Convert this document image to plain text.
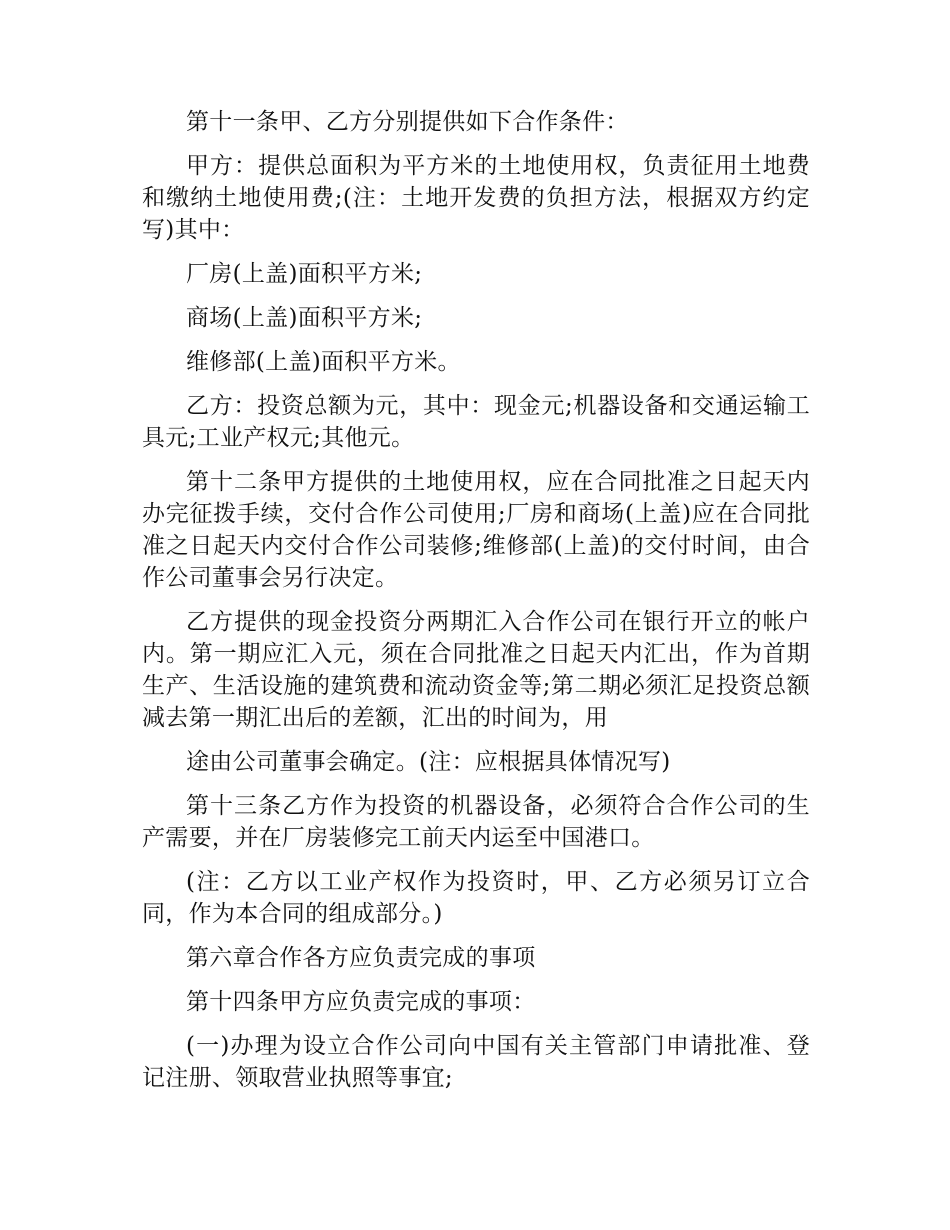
第十一条甲、乙方分别提供如下合作条件：

甲方：提供总面积为平方米的土地使用权，负责征用土地费和缴纳土地使用费;(注：土地开发费的负担方法，根据双方约定写)其中：

厂房(上盖)面积平方米;

商场(上盖)面积平方米;

维修部(上盖)面积平方米。

乙方：投资总额为元，其中：现金元;机器设备和交通运输工具元;工业产权元;其他元。

第十二条甲方提供的土地使用权，应在合同批准之日起天内办完征拨手续，交付合作公司使用;厂房和商场(上盖)应在合同批准之日起天内交付合作公司装修;维修部(上盖)的交付时间，由合作公司董事会另行决定。

乙方提供的现金投资分两期汇入合作公司在银行开立的帐户内。第一期应汇入元，须在合同批准之日起天内汇出，作为首期生产、生活设施的建筑费和流动资金等;第二期必须汇足投资总额减去第一期汇出后的差额，汇出的时间为，用

途由公司董事会确定。(注：应根据具体情况写)

第十三条乙方作为投资的机器设备，必须符合合作公司的生产需要，并在厂房装修完工前天内运至中国港口。

(注：乙方以工业产权作为投资时，甲、乙方必须另订立合同，作为本合同的组成部分。)

第六章合作各方应负责完成的事项

第十四条甲方应负责完成的事项：

(一)办理为设立合作公司向中国有关主管部门申请批准、登记注册、领取营业执照等事宜;
